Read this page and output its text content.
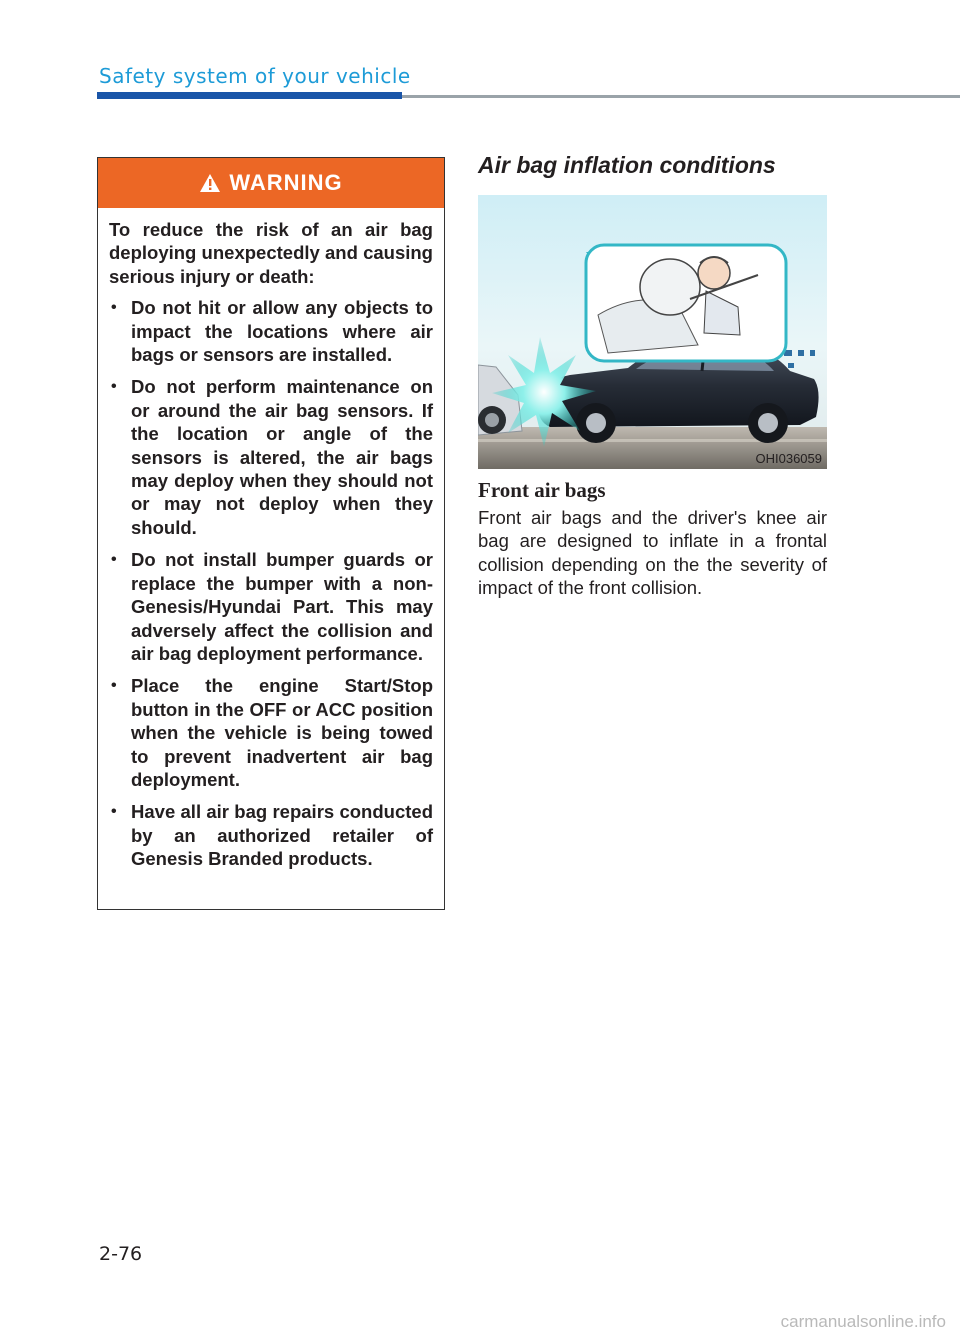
Safety system of your vehicle
WARNING

To reduce the risk of an air bag deploying unexpectedly and causing serious injury or death:

• Do not hit or allow any objects to impact the locations where air bags or sensors are installed.
• Do not perform maintenance on or around the air bag sensors. If the location or angle of the sensors is altered, the air bags may deploy when they should not or may not deploy when they should.
• Do not install bumper guards or replace the bumper with a non-Genesis/Hyundai Part. This may adversely affect the collision and air bag deployment performance.
• Place the engine Start/Stop button in the OFF or ACC position when the vehicle is being towed to prevent inadvertent air bag deployment.
• Have all air bag repairs conducted by an authorized retailer of Genesis Branded products.
Air bag inflation conditions
OHI036059
Front air bags

Front air bags and the driver's knee air bag are designed to inflate in a frontal collision depending on the the severity of impact of the front collision.

2-76
carmanualsonline.info
